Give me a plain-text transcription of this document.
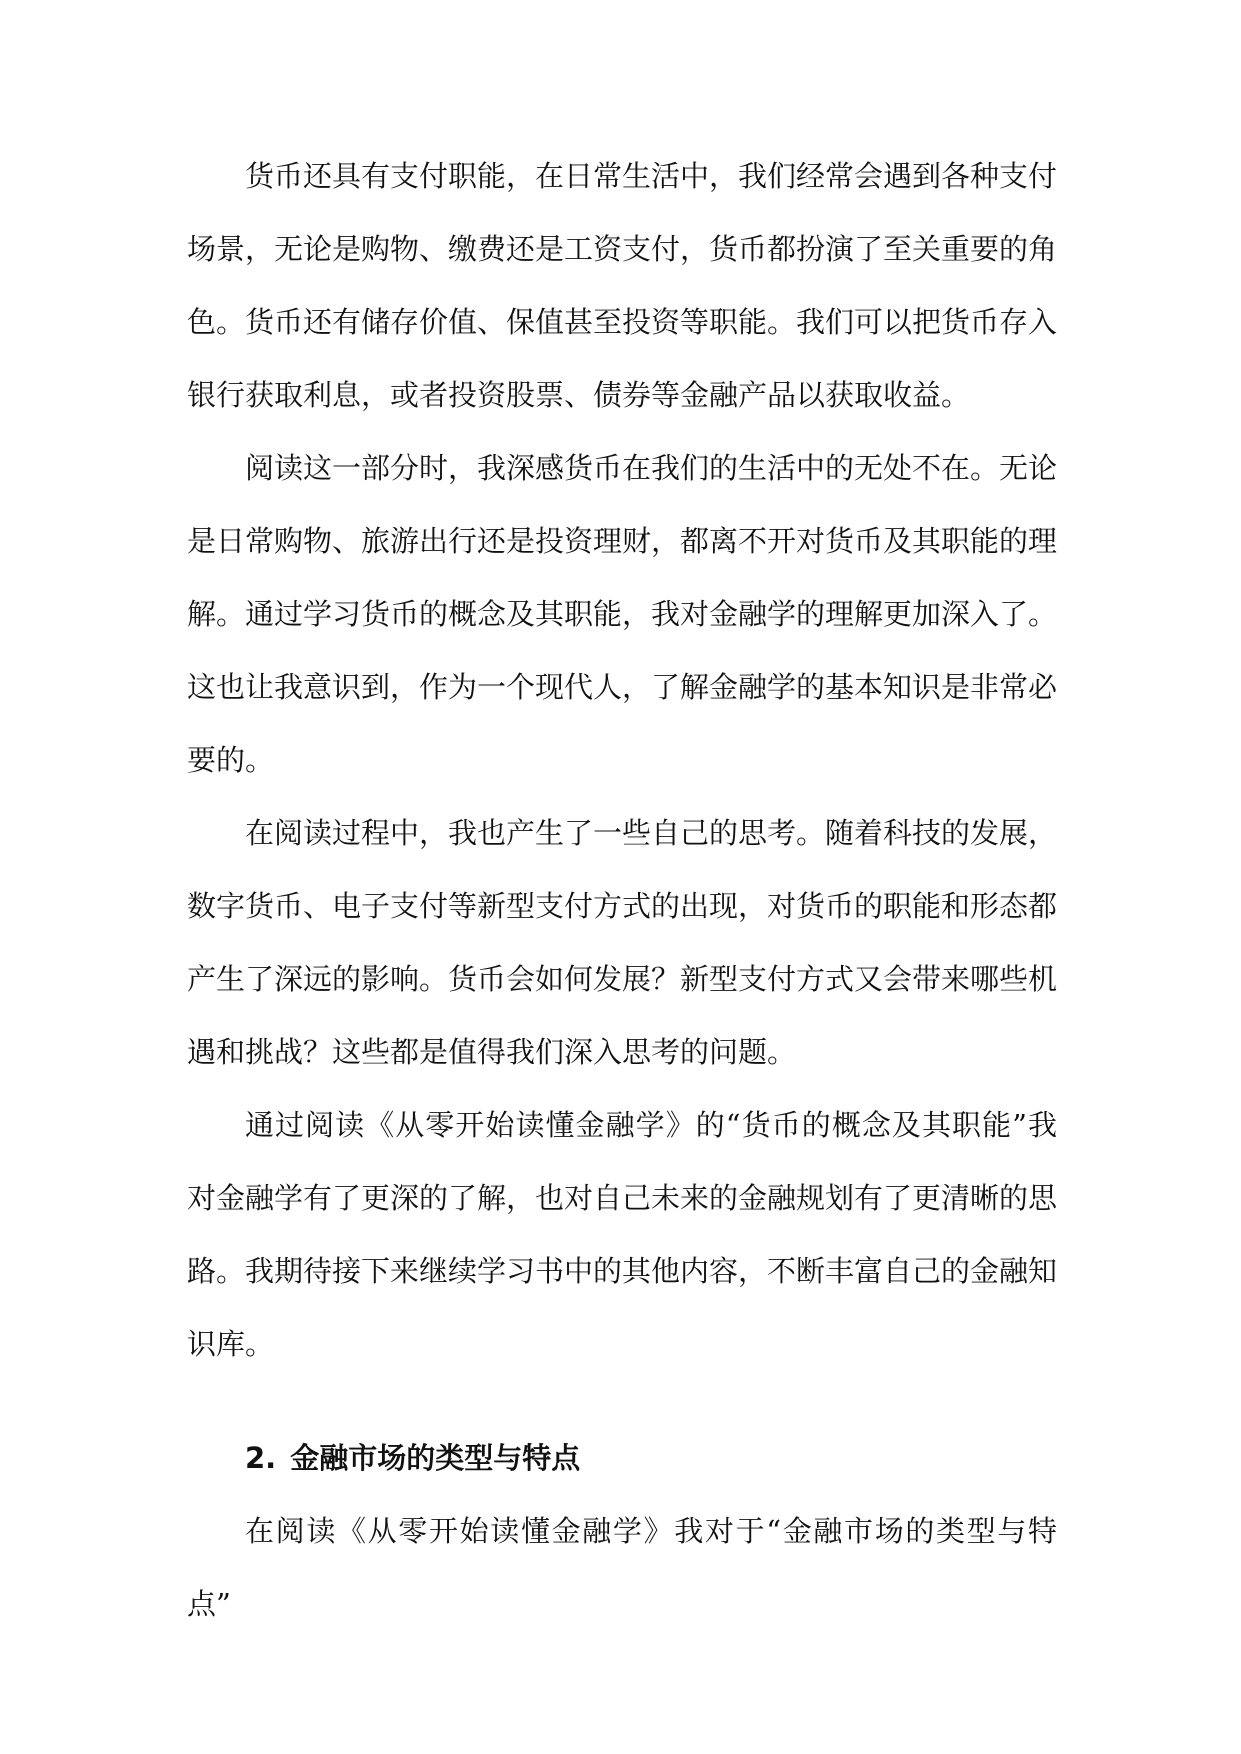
货币还具有支付职能，在日常生活中，我们经常会遇到各种支付场景，无论是购物、缴费还是工资支付，货币都扮演了至关重要的角色。货币还有储存价值、保值甚至投资等职能。我们可以把货币存入银行获取利息，或者投资股票、债券等金融产品以获取收益。

阅读这一部分时，我深感货币在我们的生活中的无处不在。无论是日常购物、旅游出行还是投资理财，都离不开对货币及其职能的理解。通过学习货币的概念及其职能，我对金融学的理解更加深入了。这也让我意识到，作为一个现代人，了解金融学的基本知识是非常必要的。

在阅读过程中，我也产生了一些自己的思考。随着科技的发展，数字货币、电子支付等新型支付方式的出现，对货币的职能和形态都产生了深远的影响。货币会如何发展？新型支付方式又会带来哪些机遇和挑战？这些都是值得我们深入思考的问题。

通过阅读《从零开始读懂金融学》的“货币的概念及其职能”我对金融学有了更深的了解，也对自己未来的金融规划有了更清晰的思路。我期待接下来继续学习书中的其他内容，不断丰富自己的金融知识库。

2. 金融市场的类型与特点

在阅读《从零开始读懂金融学》我对于“金融市场的类型与特点”
